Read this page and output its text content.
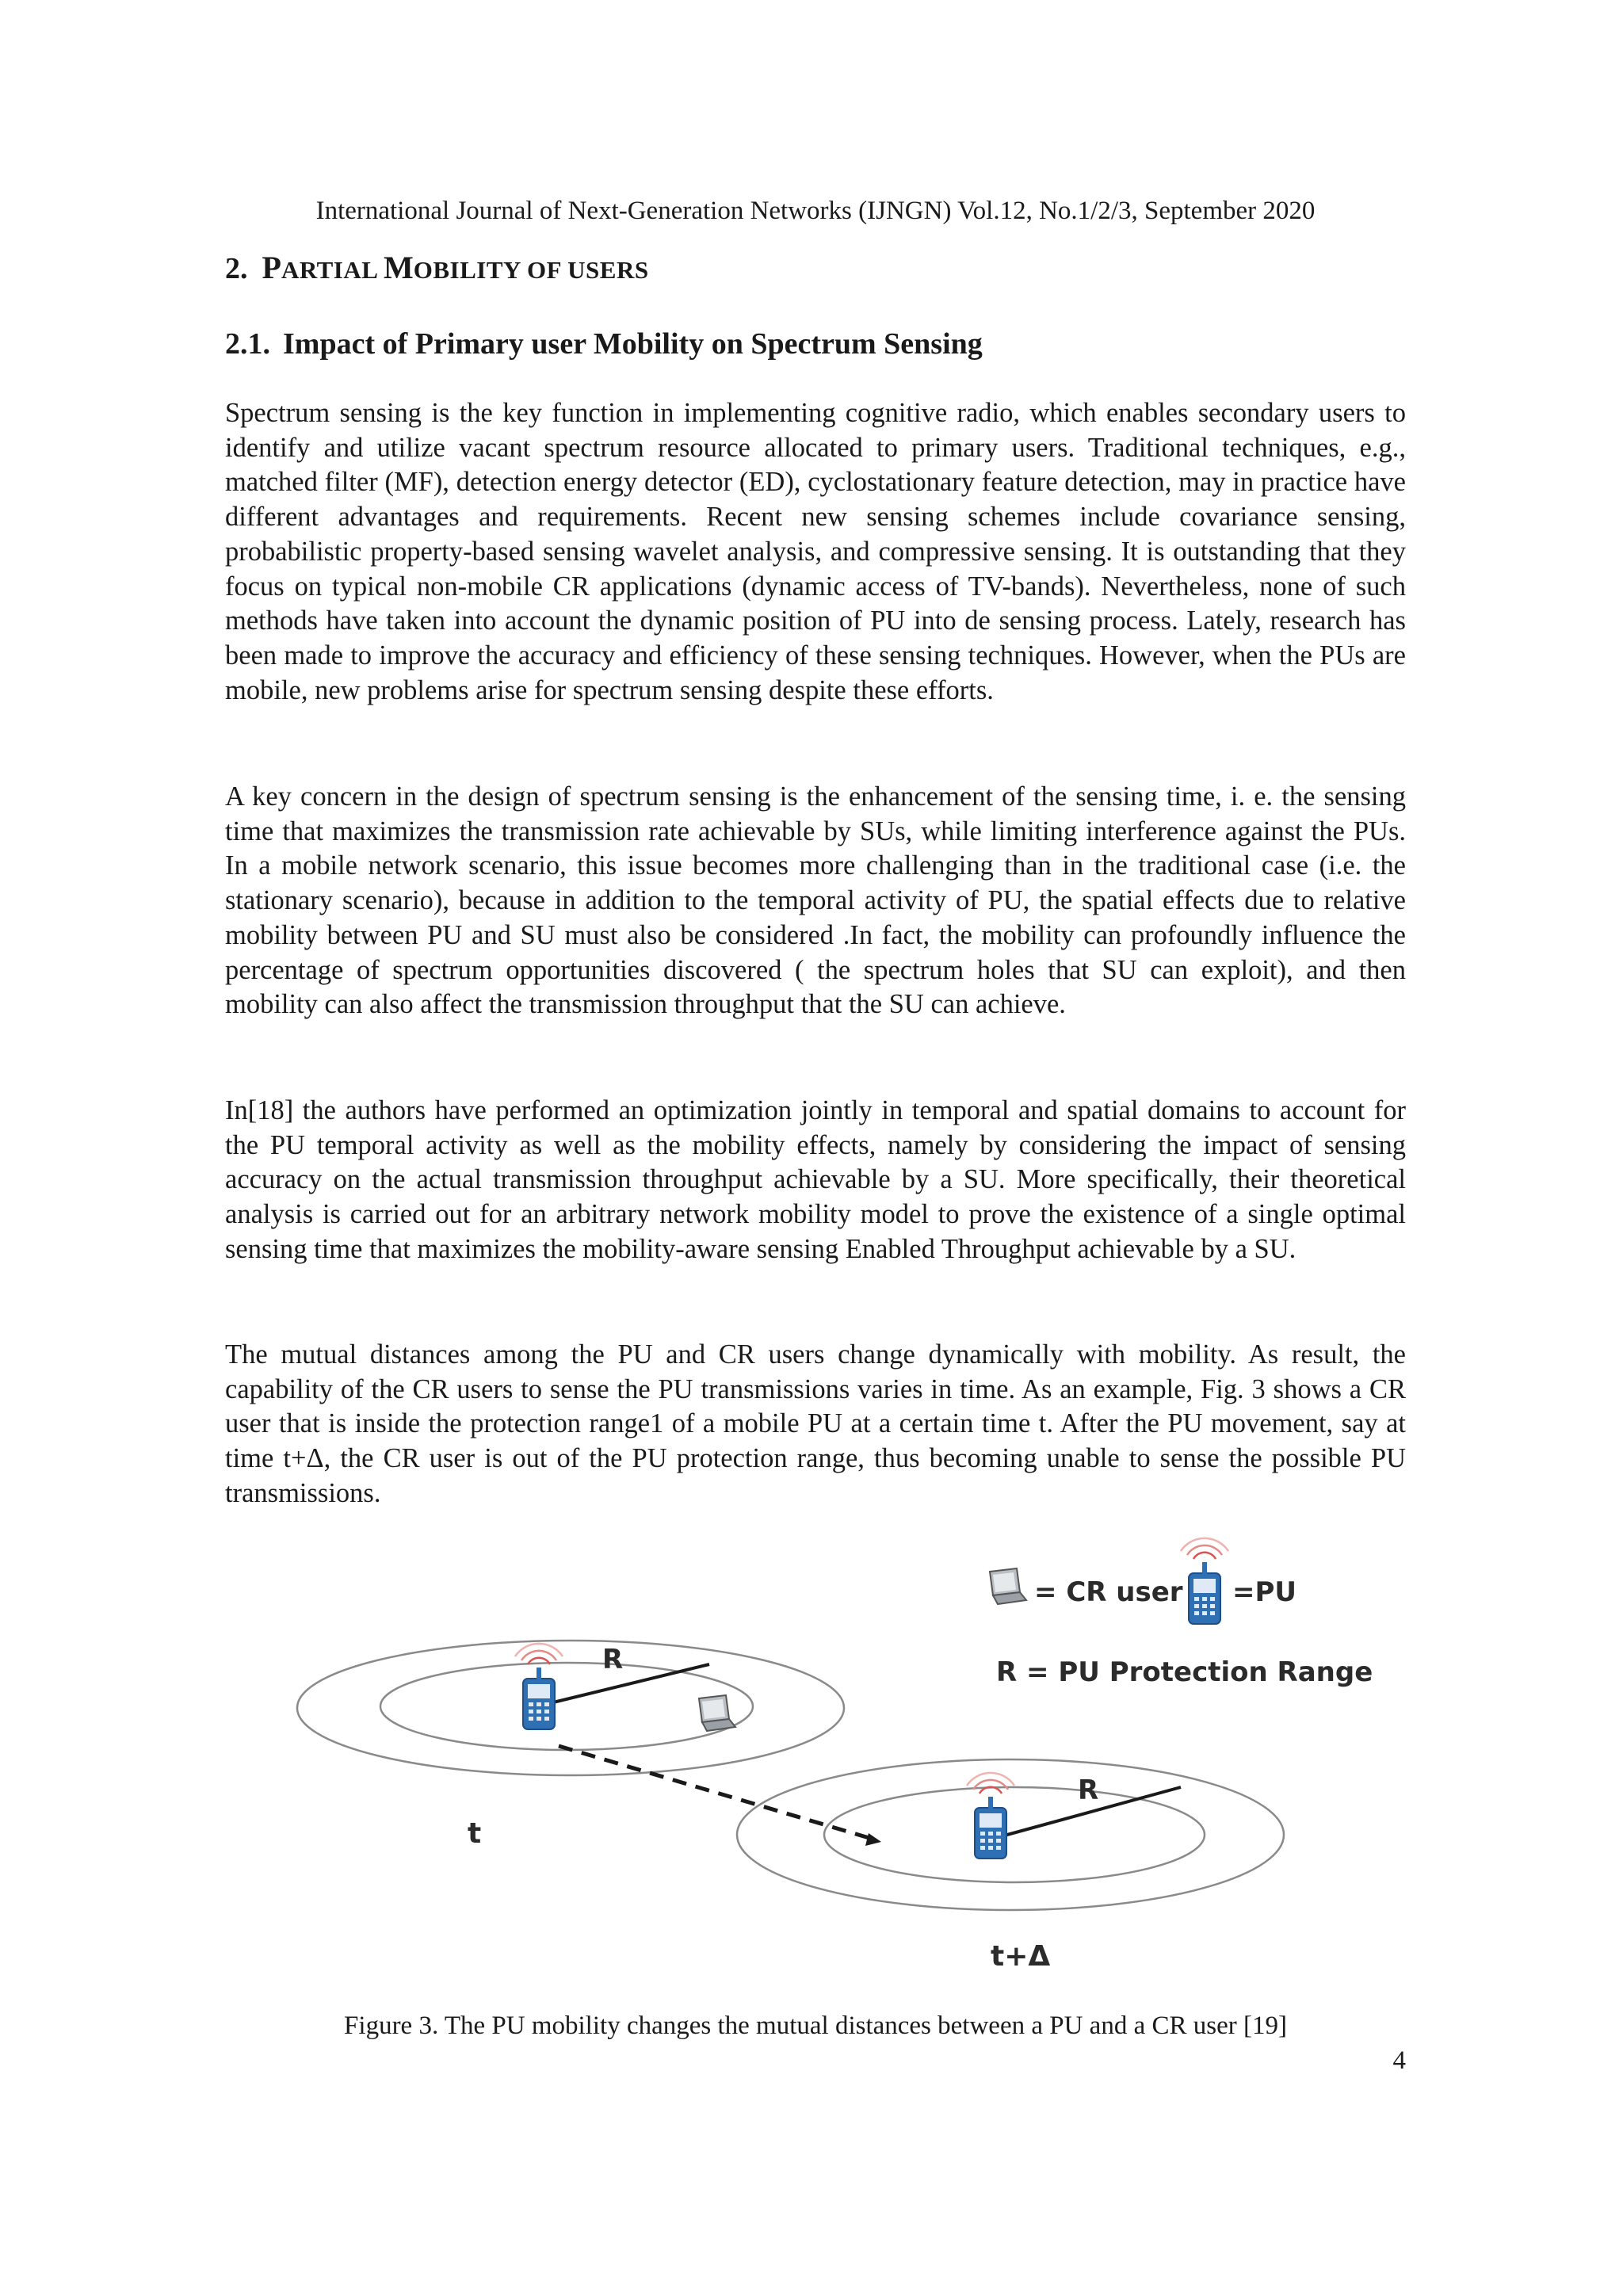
International Journal of Next-Generation Networks (IJNGN) Vol.12, No.1/2/3, September 2020
2. PARTIAL MOBILITY OF USERS
2.1. Impact of Primary user Mobility on Spectrum Sensing

Spectrum sensing is the key function in implementing cognitive radio, which enables secondary users to identify and utilize vacant spectrum resource allocated to primary users. Traditional techniques, e.g., matched filter (MF), detection energy detector (ED), cyclostationary feature detection, may in practice have different advantages and requirements. Recent new sensing schemes include covariance sensing, probabilistic property-based sensing wavelet analysis, and compressive sensing. It is outstanding that they focus on typical non-mobile CR applications (dynamic access of TV-bands). Nevertheless, none of such methods have taken into account the dynamic position of PU into de sensing process. Lately, research has been made to improve the accuracy and efficiency of these sensing techniques. However, when the PUs are mobile, new problems arise for spectrum sensing despite these efforts.

A key concern in the design of spectrum sensing is the enhancement of the sensing time, i. e. the sensing time that maximizes the transmission rate achievable by SUs, while limiting interference against the PUs. In a mobile network scenario, this issue becomes more challenging than in the traditional case (i.e. the stationary scenario), because in addition to the temporal activity of PU, the spatial effects due to relative mobility between PU and SU must also be considered .In fact, the mobility can profoundly influence the percentage of spectrum opportunities discovered ( the spectrum holes that SU can exploit), and then mobility can also affect the transmission throughput that the SU can achieve.

In[18] the authors have performed an optimization jointly in temporal and spatial domains to account for the PU temporal activity as well as the mobility effects, namely by considering the impact of sensing accuracy on the actual transmission throughput achievable by a SU. More specifically, their theoretical analysis is carried out for an arbitrary network mobility model to prove the existence of a single optimal sensing time that maximizes the mobility-aware sensing Enabled Throughput achievable by a SU.

The mutual distances among the PU and CR users change dynamically with mobility. As result, the capability of the CR users to sense the PU transmissions varies in time. As an example, Fig. 3 shows a CR user that is inside the protection range1 of a mobile PU at a certain time t. After the PU movement, say at time t+Δ, the CR user is out of the PU protection range, thus becoming unable to sense the possible PU transmissions.

= CR user =PU
R = PU Protection Range
R
t
R
t+Δ
Figure 3. The PU mobility changes the mutual distances between a PU and a CR user [19]
4
